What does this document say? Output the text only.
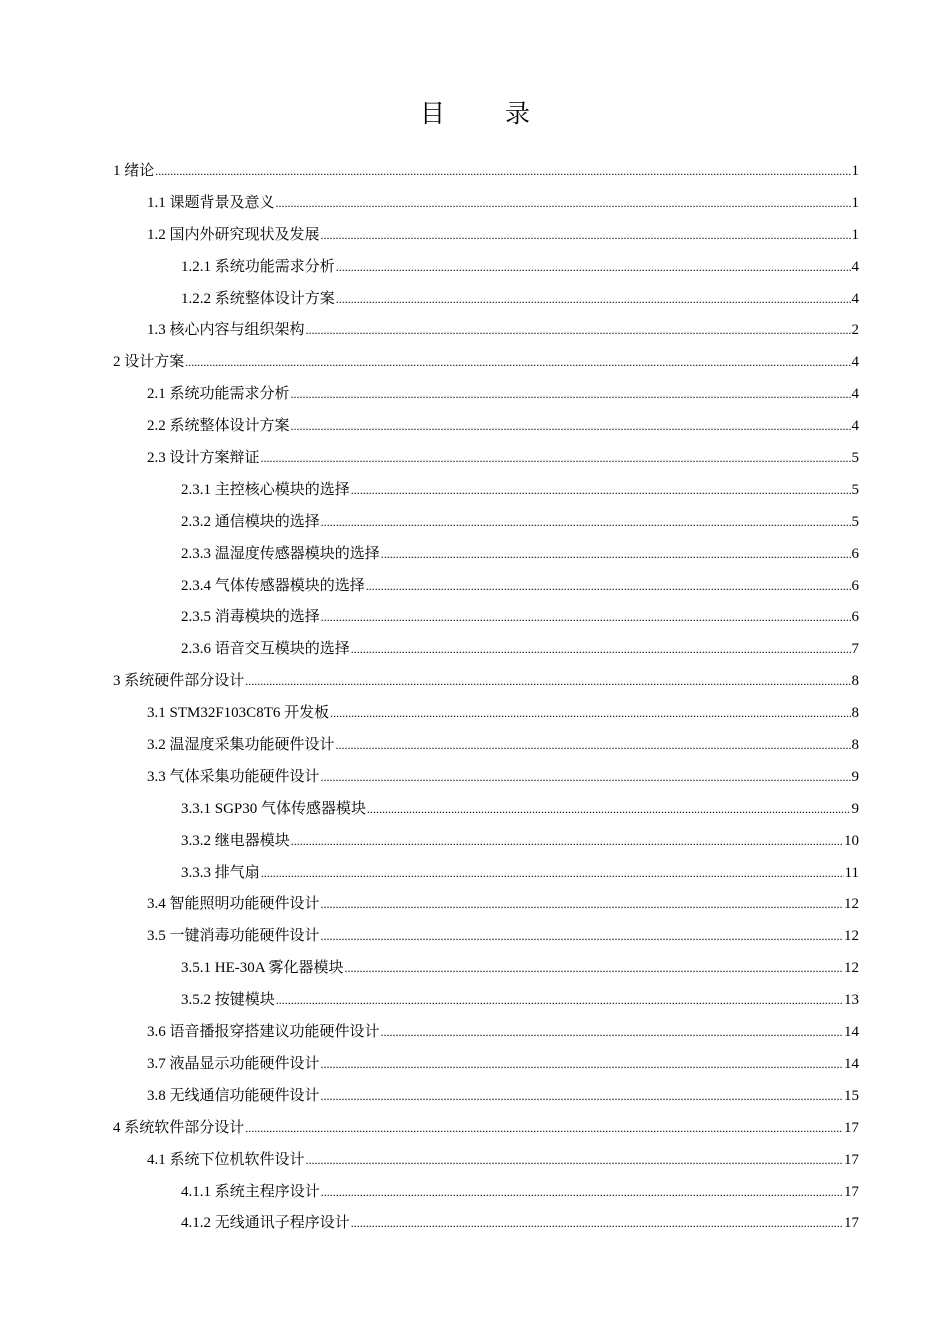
目 录
1 绪论 .....	1
1.1 课题背景及意义 .....	1
1.2 国内外研究现状及发展 .....	1
1.2.1 系统功能需求分析 .....	4
1.2.2 系统整体设计方案 .....	4
1.3 核心内容与组织架构 .....	2
2 设计方案 .....	4
2.1 系统功能需求分析 .....	4
2.2 系统整体设计方案 .....	4
2.3 设计方案辩证 .....	5
2.3.1 主控核心模块的选择 .....	5
2.3.2 通信模块的选择 .....	5
2.3.3 温湿度传感器模块的选择 .....	6
2.3.4 气体传感器模块的选择 .....	6
2.3.5 消毒模块的选择 .....	6
2.3.6 语音交互模块的选择 .....	7
3 系统硬件部分设计 .....	8
3.1 STM32F103C8T6 开发板 .....	8
3.2 温湿度采集功能硬件设计 .....	8
3.3 气体采集功能硬件设计 .....	9
3.3.1 SGP30 气体传感器模块 .....	9
3.3.2 继电器模块 .....	10
3.3.3 排气扇 .....	11
3.4 智能照明功能硬件设计 .....	12
3.5 一键消毒功能硬件设计 .....	12
3.5.1 HE-30A 雾化器模块 .....	12
3.5.2 按键模块 .....	13
3.6 语音播报穿搭建议功能硬件设计 .....	14
3.7 液晶显示功能硬件设计 .....	14
3.8 无线通信功能硬件设计 .....	15
4 系统软件部分设计 .....	17
4.1 系统下位机软件设计 .....	17
4.1.1 系统主程序设计 .....	17
4.1.2 无线通讯子程序设计 .....	17
